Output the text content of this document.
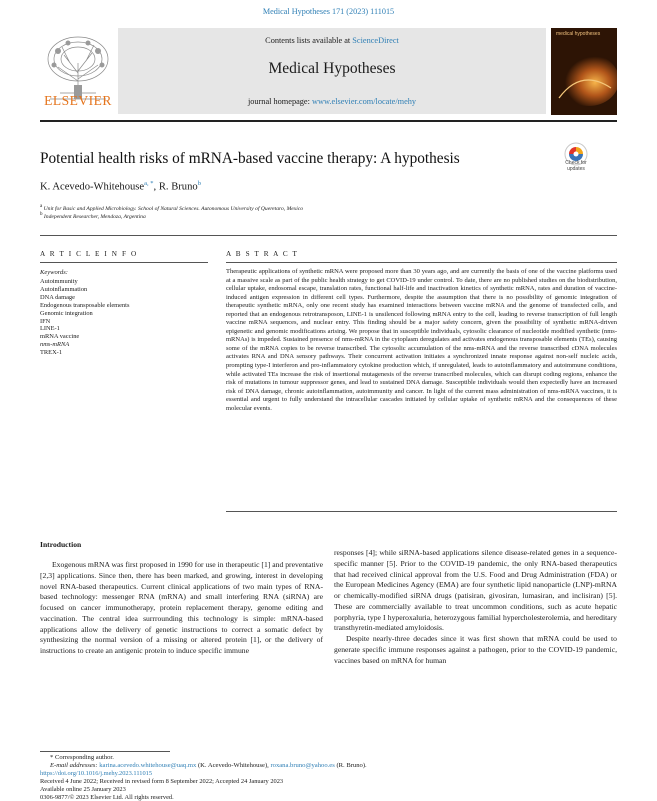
Medical Hypotheses 171 (2023) 111015
ELSEVIER
Contents lists available at ScienceDirect
Medical Hypotheses
journal homepage: www.elsevier.com/locate/mehy
medical hypotheses
Check for updates
Potential health risks of mRNA-based vaccine therapy: A hypothesis
K. Acevedo-Whitehouse$^{a, *}$, R. Bruno$^b$
$^a$ Unit for Basic and Applied Microbiology. School of Natural Sciences. Autonomous University of Queretaro, Mexico
$^b$ Independent Researcher, Mendoza, Argentina
A R T I C L E I N F O	A B S T R A C T
Keywords:
Autoimmunity
Autoinflammation
DNA damage
Endogenous transposable elements
Genomic integration
IFN
LINE-1
mRNA vaccine
nms-mRNA
TREX-1
Therapeutic applications of synthetic mRNA were proposed more than 30 years ago, and are currently the basis of one of the vaccine platforms used at a massive scale as part of the public health strategy to get COVID-19 under control. To date, there are no published studies on the biodistribution, cellular uptake, endosomal escape, translation rates, functional half-life and inactivation kinetics of synthetic mRNA, rates and duration of vaccine-induced antigen expression in different cell types. Furthermore, despite the assumption that there is no possibility of genomic integration of therapeutic synthetic mRNA, only one recent study has examined interactions between vaccine mRNA and the genome of transfected cells, and reported that an endogenous retrotransposon, LINE-1 is unsilenced following mRNA entry to the cell, leading to reverse transcription of full length vaccine mRNA sequences, and nuclear entry. This finding should be a major safety concern, given the possibility of synthetic mRNA-driven epigenetic and genomic modifications arising. We propose that in susceptible individuals, cytosolic clearance of nucleotide modified synthetic (nms-mRNAs) is impeded. Sustained presence of nms-mRNA in the cytoplasm deregulates and activates endogenous transposable elements (TEs), causing some of the mRNA copies to be reverse transcribed. The cytosolic accumulation of the nms-mRNA and the reverse transcribed cDNA molecules activates RNA and DNA sensory pathways. Their concurrent activation initiates a synchronized innate response against non-self nucleic acids, prompting type-I interferon and pro-inflammatory cytokine production which, if unregulated, leads to autoinflammatory and autoimmune conditions, while activated TEs increase the risk of insertional mutagenesis of the reverse transcribed molecules, which can disrupt coding regions, enhance the risk of mutations in tumour suppressor genes, and lead to sustained DNA damage. Susceptible individuals would then expectedly have an increased risk of DNA damage, chronic autoinflammation, autoimmunity and cancer. In light of the current mass administration of nms-mRNA vaccines, it is essential and urgent to fully understand the intracellular cascades initiated by cellular uptake of synthetic mRNA and the consequences of these molecular events.
Introduction

Exogenous mRNA was first proposed in 1990 for use in therapeutic [1] and preventative [2,3] applications. Since then, there has been marked, and growing, interest in developing novel RNA-based therapeutics. Current clinical applications of two main types of RNA-based technology: messenger RNA (mRNA) and small interfering RNA (siRNA) are focused on cancer immunotherapy, protein replacement therapy, genome editing and vaccination. The central idea surrrounding this technology is simple: mRNA-based applications allow the delivery of genetic instructions to correct a somatic defect by synthesizing the normal version of a missing or altered protein [1], or the delivery of instructions to create an antigenic protein to induce specific immune

responses [4]; while siRNA-based applications silence disease-related genes in a sequence-specific manner [5]. Prior to the COVID-19 pandemic, the only RNA-based therapeutics that had received clinical approval from the U.S. Food and Drug Administration (FDA) or the European Medicines Agency (EMA) are four synthetic lipid nanoparticle (LNP)-mRNA or chemically-modified siRNA drugs (patisiran, givosiran, lumasiran, and inclisiran) [5]. These are commercially available to treat uncommon conditions, such as acute hepatic porphyria, type I hyperoxaluria, heterozygous familial hypercholesterolemia, and hereditary transthyretin-mediated amyloidosis.

Despite nearly-three decades since it was first shown that mRNA could be used to generate specific immune responses against a pathogen, prior to the COVID-19 pandemic, vaccines based on mRNA for human

* Corresponding author.
E-mail addresses: karina.acevedo.whitehouse@uaq.mx (K. Acevedo-Whitehouse), roxana.bruno@yahoo.es (R. Bruno).
https://doi.org/10.1016/j.mehy.2023.111015
Received 4 June 2022; Received in revised form 8 September 2022; Accepted 24 January 2023
Available online 25 January 2023
0306-9877/© 2023 Elsevier Ltd. All rights reserved.
